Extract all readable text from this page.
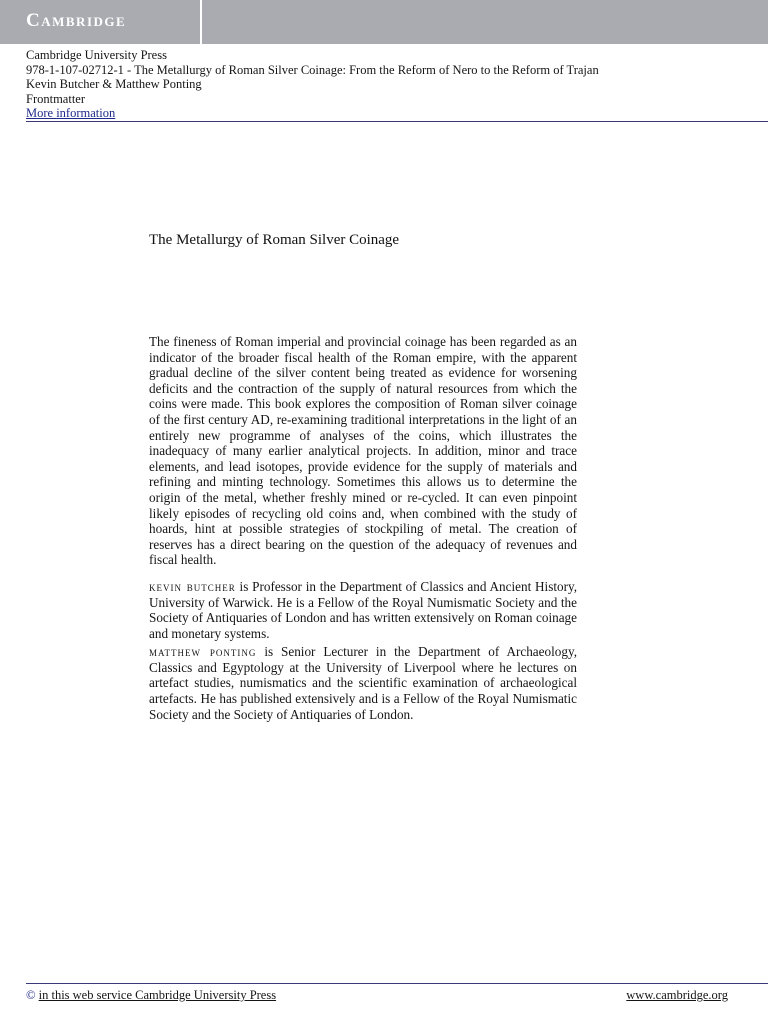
Cambridge
Cambridge University Press
978-1-107-02712-1 - The Metallurgy of Roman Silver Coinage: From the Reform of Nero to the Reform of Trajan
Kevin Butcher & Matthew Ponting
Frontmatter
More information
The Metallurgy of Roman Silver Coinage

The fineness of Roman imperial and provincial coinage has been regarded as an indicator of the broader fiscal health of the Roman empire, with the apparent gradual decline of the silver content being treated as evidence for worsening deficits and the contraction of the supply of natural resources from which the coins were made. This book explores the composition of Roman silver coinage of the first century AD, re-examining traditional interpretations in the light of an entirely new programme of analyses of the coins, which illustrates the inadequacy of many earlier analytical projects. In addition, minor and trace elements, and lead isotopes, provide evidence for the supply of materials and refining and minting technology. Sometimes this allows us to determine the origin of the metal, whether freshly mined or re-cycled. It can even pinpoint likely episodes of recycling old coins and, when combined with the study of hoards, hint at possible strategies of stockpiling of metal. The creation of reserves has a direct bearing on the question of the adequacy of revenues and fiscal health.

kevin butcher is Professor in the Department of Classics and Ancient History, University of Warwick. He is a Fellow of the Royal Numismatic Society and the Society of Antiquaries of London and has written extensively on Roman coinage and monetary systems.

matthew ponting is Senior Lecturer in the Department of Archaeology, Classics and Egyptology at the University of Liverpool where he lectures on artefact studies, numismatics and the scientific examination of archaeological artefacts. He has published extensively and is a Fellow of the Royal Numismatic Society and the Society of Antiquaries of London.

© in this web service Cambridge University Press	www.cambridge.org
